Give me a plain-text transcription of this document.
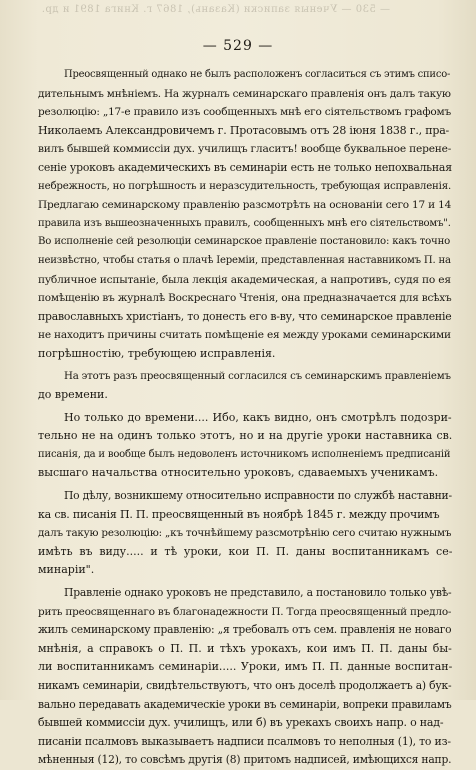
— 530 — Ученыя записки (Казань), 1867 г. Книга 1891 и др.
— 529 —
Преосвященный однако не былъ расположенъ согласиться съ этимъ списо-
дительнымъ мнѣніемъ. На журналъ семинарскаго правленія онъ далъ такую
резолюцію: „17-е правило изъ сообщенныхъ мнѣ его сіятельствомъ графомъ
Николаемъ Александровичемъ г. Протасовымъ отъ 28 іюня 1838 г., пра-
вилъ бывшей коммиссіи дух. училищъ гласитъ! вообще буквальное перене-
сеніе уроковъ академическихъ въ семинаріи есть не только непохвальная
небрежность, но погрѣшность и неразсудительность, требующая исправленія.
Предлагаю семинарскому правленію разсмотрѣть на основаніи сего 17 и 14
правила изъ вышеозначенныхъ правилъ, сообщенныхъ мнѣ его сіятельствомъ".
Во исполненіе сей резолюціи семинарское правленіе постановило: какъ точно
неизвѣстно, чтобы статья о плачѣ Іереміи, представленная наставникомъ П. на
публичное испытаніе, была лекція академическая, а напротивъ, судя по ея
помѣщенію въ журналѣ Воскреснаго Чтенія, она предназначается для всѣхъ
православныхъ христіанъ, то донесть его в-ву, что семинарское правленіе
не находитъ причины считать помѣщеніе ея между уроками семинарскими
погрѣшностію, требующею исправленія.
На этотъ разъ преосвященный согласился съ семинарскимъ правленіемъ
до времени.
Но только до времени.... Ибо, какъ видно, онъ смотрѣлъ подозри-
тельно не на одинъ только этотъ, но и на другіе уроки наставника св.
писанія, да и вообще былъ недоволенъ источникомъ исполненіемъ предписаній
высшаго начальства относительно уроковъ, сдаваемыхъ ученикамъ.
По дѣлу, возникшему относительно исправности по службѣ наставни-
ка св. писанія П. П. преосвященный въ ноябрѣ 1845 г. между прочимъ
далъ такую резолюцію: „къ точнѣйшему разсмотрѣнію сего считаю нужнымъ
имѣть въ виду..... и тѣ уроки, кои П. П. даны воспитанникамъ се-
минаріи".
Правленіе однако уроковъ не представило, а постановило только увѣ-
рить преосвященнаго въ благонадежности П. Тогда преосвященный предло-
жилъ семинарскому правленію: „я требовалъ отъ сем. правленія не новаго
мнѣнія, а справокъ о П. П. и тѣхъ урокахъ, кои имъ П. П. даны бы-
ли воспитанникамъ семинаріи..... Уроки, имъ П. П. данные воспитан-
никамъ семинаріи, свидѣтельствуютъ, что онъ доселѣ продолжаетъ а) бук-
вально передавать академическіе уроки въ семинаріи, вопреки правиламъ
бывшей коммиссіи дух. училищъ, или б) въ урекахъ своихъ напр. о над-
писаніи псалмовъ выказываетъ надписи псалмовъ то неполныя (1), то из-
мѣненныя (12), то совсѣмъ другія (8) притомъ надписей, имѣющихся напр.
